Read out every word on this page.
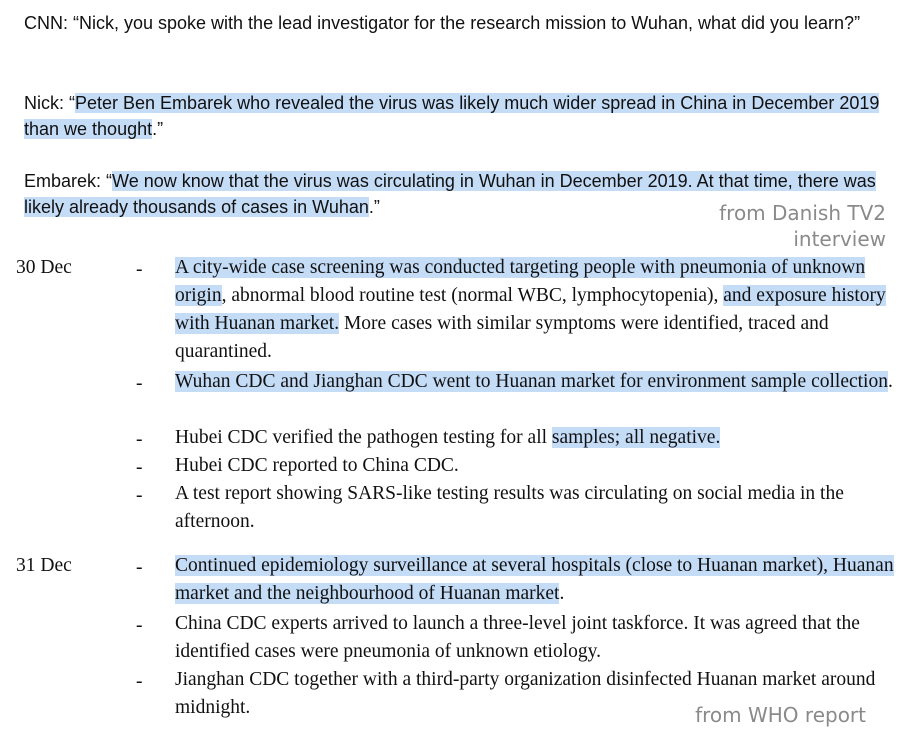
CNN: “Nick, you spoke with the lead investigator for the research mission to Wuhan, what did you learn?”

Nick: “Peter Ben Embarek who revealed the virus was likely much wider spread in China in December 2019 than we thought.”

Embarek: “We now know that the virus was circulating in Wuhan in December 2019. At that time, there was likely already thousands of cases in Wuhan.”	from Danish TV2
interview
30 Dec	- A city-wide case screening was conducted targeting people with pneumonia of unknown origin, abnormal blood routine test (normal WBC, lymphocytopenia), and exposure history with Huanan market. More cases with similar symptoms were identified, traced and quarantined.

- Wuhan CDC and Jianghan CDC went to Huanan market for environment sample collection.

- Hubei CDC verified the pathogen testing for all samples; all negative.

- Hubei CDC reported to China CDC.

- A test report showing SARS-like testing results was circulating on social media in the afternoon.

31 Dec	- Continued epidemiology surveillance at several hospitals (close to Huanan market), Huanan market and the neighbourhood of Huanan market.

- China CDC experts arrived to launch a three-level joint taskforce. It was agreed that the identified cases were pneumonia of unknown etiology.

- Jianghan CDC together with a third-party organization disinfected Huanan market around midnight.	from WHO report
